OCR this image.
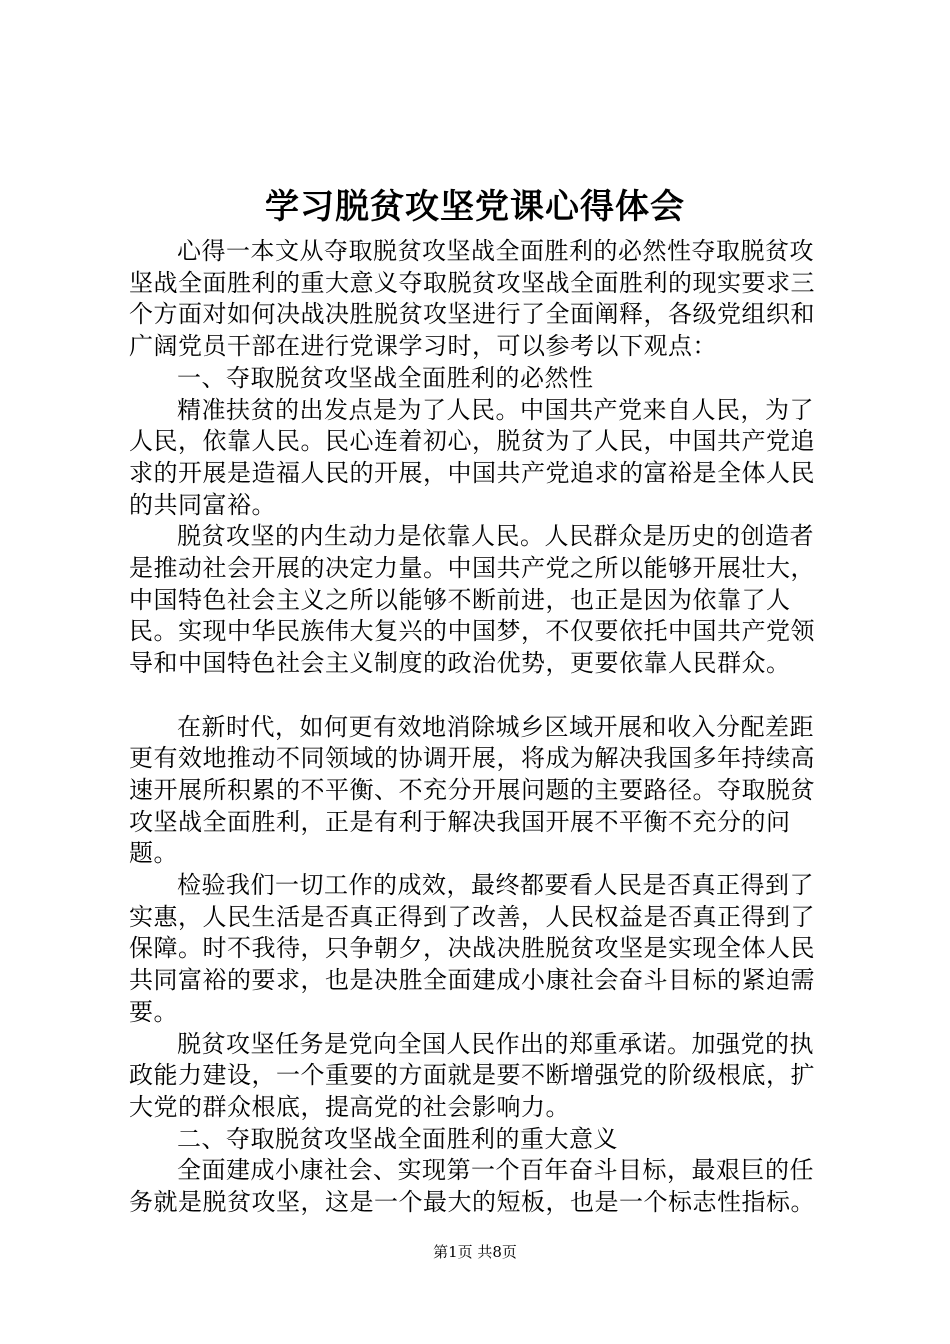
学习脱贫攻坚党课心得体会

心得一本文从夺取脱贫攻坚战全面胜利的必然性夺取脱贫攻坚战全面胜利的重大意义夺取脱贫攻坚战全面胜利的现实要求三个方面对如何决战决胜脱贫攻坚进行了全面阐释，各级党组织和广阔党员干部在进行党课学习时，可以参考以下观点：

一、夺取脱贫攻坚战全面胜利的必然性

精准扶贫的出发点是为了人民。中国共产党来自人民，为了人民，依靠人民。民心连着初心，脱贫为了人民，中国共产党追求的开展是造福人民的开展，中国共产党追求的富裕是全体人民的共同富裕。

脱贫攻坚的内生动力是依靠人民。人民群众是历史的创造者是推动社会开展的决定力量。中国共产党之所以能够开展壮大，中国特色社会主义之所以能够不断前进，也正是因为依靠了人民。实现中华民族伟大复兴的中国梦，不仅要依托中国共产党领导和中国特色社会主义制度的政治优势，更要依靠人民群众。

在新时代，如何更有效地消除城乡区域开展和收入分配差距更有效地推动不同领域的协调开展，将成为解决我国多年持续高速开展所积累的不平衡、不充分开展问题的主要路径。夺取脱贫攻坚战全面胜利，正是有利于解决我国开展不平衡不充分的问题。

检验我们一切工作的成效，最终都要看人民是否真正得到了实惠，人民生活是否真正得到了改善，人民权益是否真正得到了保障。时不我待，只争朝夕，决战决胜脱贫攻坚是实现全体人民共同富裕的要求，也是决胜全面建成小康社会奋斗目标的紧迫需要。

脱贫攻坚任务是党向全国人民作出的郑重承诺。加强党的执政能力建设，一个重要的方面就是要不断增强党的阶级根底，扩大党的群众根底，提高党的社会影响力。

二、夺取脱贫攻坚战全面胜利的重大意义

全面建成小康社会、实现第一个百年奋斗目标，最艰巨的任务就是脱贫攻坚，这是一个最大的短板，也是一个标志性指标。

第1页 共8页
